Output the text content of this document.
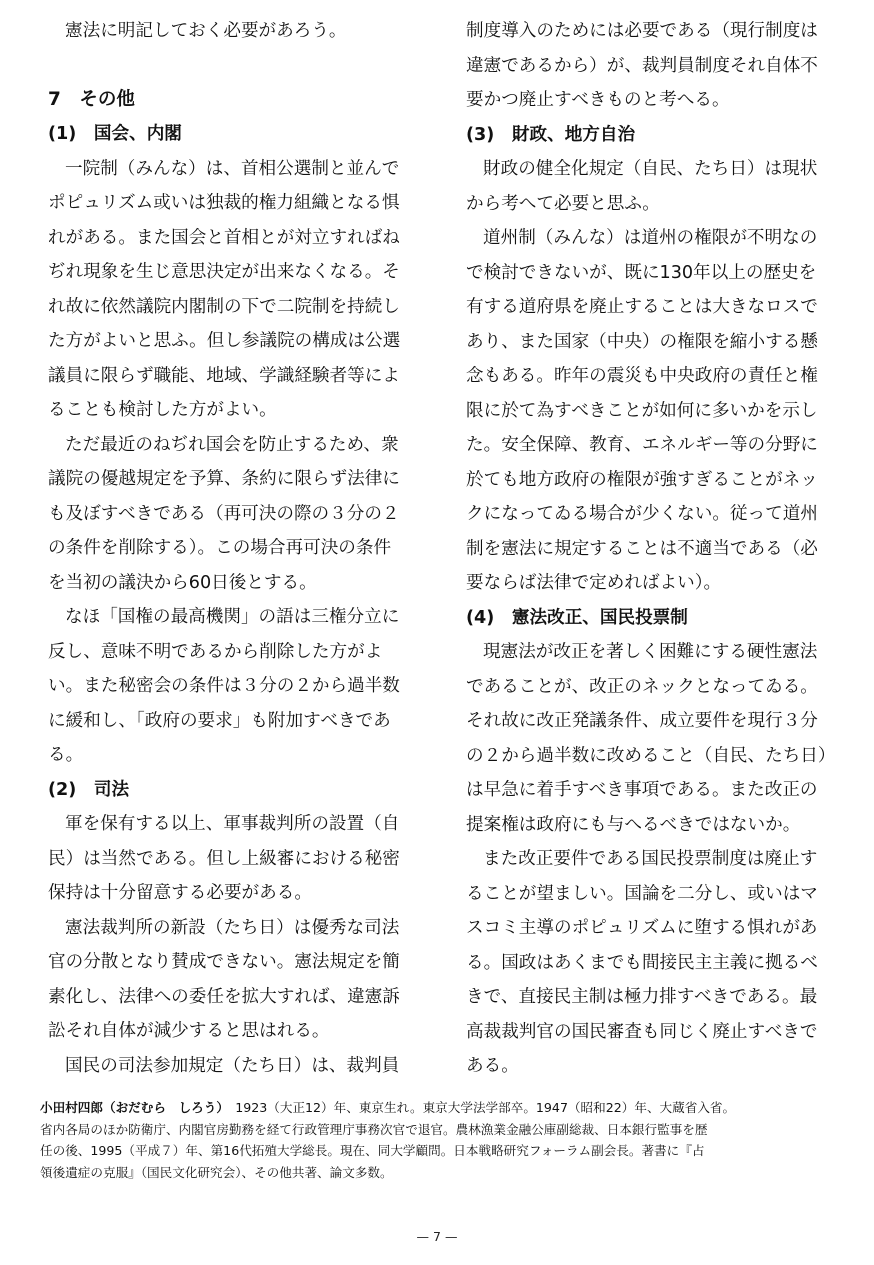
憲法に明記しておく必要があろう。
7　その他
(1)　国会、内閣
一院制（みんな）は、首相公選制と並んで
ポピュリズム或いは独裁的権力組織となる惧
れがある。また国会と首相とが対立すればね
ぢれ現象を生じ意思決定が出来なくなる。そ
れ故に依然議院内閣制の下で二院制を持続し
た方がよいと思ふ。但し参議院の構成は公選
議員に限らず職能、地域、学識経験者等によ
ることも検討した方がよい。
ただ最近のねぢれ国会を防止するため、衆
議院の優越規定を予算、条約に限らず法律に
も及ぼすべきである（再可決の際の３分の２
の条件を削除する）。この場合再可決の条件
を当初の議決から60日後とする。
なほ「国権の最高機関」の語は三権分立に
反し、意味不明であるから削除した方がよ
い。また秘密会の条件は３分の２から過半数
に緩和し、「政府の要求」も附加すべきであ
る。
(2)　司法
軍を保有する以上、軍事裁判所の設置（自
民）は当然である。但し上級審における秘密
保持は十分留意する必要がある。
憲法裁判所の新設（たち日）は優秀な司法
官の分散となり賛成できない。憲法規定を簡
素化し、法律への委任を拡大すれば、違憲訴
訟それ自体が減少すると思はれる。
国民の司法参加規定（たち日）は、裁判員
制度導入のためには必要である（現行制度は
違憲であるから）が、裁判員制度それ自体不
要かつ廃止すべきものと考へる。
(3)　財政、地方自治
財政の健全化規定（自民、たち日）は現状
から考へて必要と思ふ。
道州制（みんな）は道州の権限が不明なの
で検討できないが、既に130年以上の歴史を
有する道府県を廃止することは大きなロスで
あり、また国家（中央）の権限を縮小する懸
念もある。昨年の震災も中央政府の責任と権
限に於て為すべきことが如何に多いかを示し
た。安全保障、教育、エネルギー等の分野に
於ても地方政府の権限が強すぎることがネッ
クになってゐる場合が少くない。従って道州
制を憲法に規定することは不適当である（必
要ならば法律で定めればよい）。
(4)　憲法改正、国民投票制
現憲法が改正を著しく困難にする硬性憲法
であることが、改正のネックとなってゐる。
それ故に改正発議条件、成立要件を現行３分
の２から過半数に改めること（自民、たち日）
は早急に着手すべき事項である。また改正の
提案権は政府にも与へるべきではないか。
また改正要件である国民投票制度は廃止す
ることが望ましい。国論を二分し、或いはマ
スコミ主導のポピュリズムに堕する惧れがあ
る。国政はあくまでも間接民主主義に拠るべ
きで、直接民主制は極力排すべきである。最
高裁裁判官の国民審査も同じく廃止すべきで
ある。
小田村四郎（おだむら　しろう）　1923（大正12）年、東京生れ。東京大学法学部卒。1947（昭和22）年、大蔵省入省。
省内各局のほか防衛庁、内閣官房勤務を経て行政管理庁事務次官で退官。農林漁業金融公庫副総裁、日本銀行監事を歴
任の後、1995（平成７）年、第16代拓殖大学総長。現在、同大学顧問。日本戦略研究フォーラム副会長。著書に『占
領後遺症の克服』（国民文化研究会）、その他共著、論文多数。
— 7 —
